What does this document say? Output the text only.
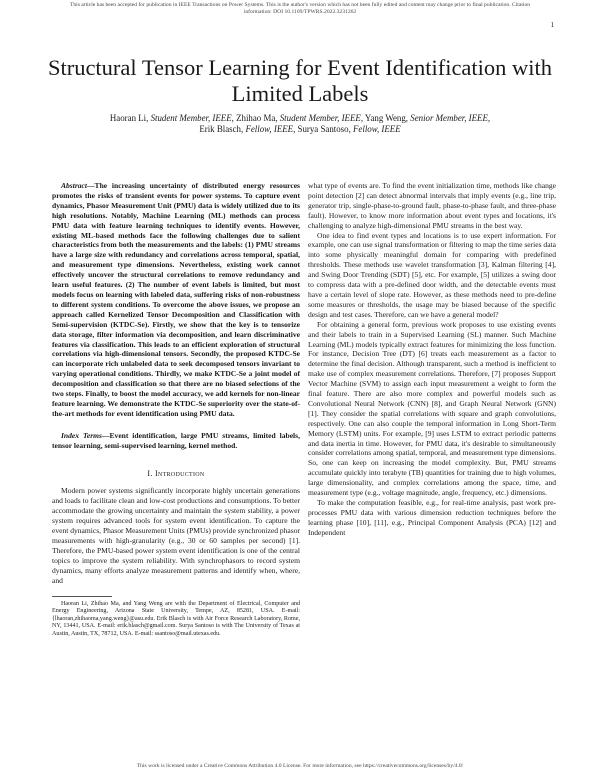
This article has been accepted for publication in IEEE Transactions on Power Systems. This is the author's version which has not been fully edited and content may change prior to final publication. Citation information: DOI 10.1109/TPWRS.2022.3231262
1
Structural Tensor Learning for Event Identification with Limited Labels
Haoran Li, Student Member, IEEE, Zhihao Ma, Student Member, IEEE, Yang Weng, Senior Member, IEEE,
Erik Blasch, Fellow, IEEE, Surya Santoso, Fellow, IEEE

Abstract—The increasing uncertainty of distributed energy resources promotes the risks of transient events for power systems. To capture event dynamics, Phasor Measurement Unit (PMU) data is widely utilized due to its high resolutions. Notably, Machine Learning (ML) methods can process PMU data with feature learning techniques to identify events. However, existing ML-based methods face the following challenges due to salient characteristics from both the measurements and the labels: (1) PMU streams have a large size with redundancy and correlations across temporal, spatial, and measurement type dimensions. Nevertheless, existing work cannot effectively uncover the structural correlations to remove redundancy and learn useful features. (2) The number of event labels is limited, but most models focus on learning with labeled data, suffering risks of non-robustness to different system conditions. To overcome the above issues, we propose an approach called Kernelized Tensor Decomposition and Classification with Semi-supervision (KTDC-Se). Firstly, we show that the key is to tensorize data storage, filter information via decomposition, and learn discriminative features via classification. This leads to an efficient exploration of structural correlations via high-dimensional tensors. Secondly, the proposed KTDC-Se can incorporate rich unlabeled data to seek decomposed tensors invariant to varying operational conditions. Thirdly, we make KTDC-Se a joint model of decomposition and classification so that there are no biased selections of the two steps. Finally, to boost the model accuracy, we add kernels for non-linear feature learning. We demonstrate the KTDC-Se superiority over the state-of-the-art methods for event identification using PMU data.

Index Terms—Event identification, large PMU streams, limited labels, tensor learning, semi-supervised learning, kernel method.

I. Introduction

Modern power systems significantly incorporate highly uncertain generations and loads to facilitate clean and low-cost productions and consumptions. To better accommodate the growing uncertainty and maintain the system stability, a power system requires advanced tools for system event identification. To capture the event dynamics, Phasor Measurement Units (PMUs) provide synchronized phasor measurements with high-granularity (e.g., 30 or 60 samples per second) [1]. Therefore, the PMU-based power system event identification is one of the central topics to improve the system reliability. With synchrophasors to record system dynamics, many efforts analyze measurement patterns and identify when, where, and

Haoran Li, Zhihao Ma, and Yang Weng are with the Department of Electrical, Computer and Energy Engineering, Arizona State University, Tempe, AZ, 85281, USA. E-mail: {lhaoran,zhihaoma,yang.weng}@asu.edu. Erik Blasch is with Air Force Research Laboratory, Rome, NY, 13441, USA. E-mail: erik.blasch@gmail.com. Surya Santoso is with The University of Texas at Austin, Austin, TX, 78712, USA. E-mail: ssantoso@mail.utexas.edu.

what type of events are. To find the event initialization time, methods like change point detection [2] can detect abnormal intervals that imply events (e.g., line trip, generator trip, single-phase-to-ground fault, phase-to-phase fault, and three-phase fault). However, to know more information about event types and locations, it's challenging to analyze high-dimensional PMU streams in the best way.

One idea to find event types and locations is to use expert information. For example, one can use signal transformation or filtering to map the time series data into some physically meaningful domain for comparing with predefined thresholds. These methods use wavelet transformation [3], Kalman filtering [4], and Swing Door Trending (SDT) [5], etc. For example, [5] utilizes a swing door to compress data with a pre-defined door width, and the detectable events must have a certain level of slope rate. However, as these methods need to pre-define some measures or thresholds, the usage may be biased because of the specific design and test cases. Therefore, can we have a general model?

For obtaining a general form, previous work proposes to use existing events and their labels to train in a Supervised Learning (SL) manner. Such Machine Learning (ML) models typically extract features for minimizing the loss function. For instance, Decision Tree (DT) [6] treats each measurement as a factor to determine the final decision. Although transparent, such a method is inefficient to make use of complex measurement correlations. Therefore, [7] proposes Support Vector Machine (SVM) to assign each input measurement a weight to form the final feature. There are also more complex and powerful models such as Convolutional Neural Network (CNN) [8], and Graph Neural Network (GNN) [1]. They consider the spatial correlations with square and graph convolutions, respectively. One can also couple the temporal information in Long Short-Term Memory (LSTM) units. For example, [9] uses LSTM to extract periodic patterns and data inertia in time. However, for PMU data, it's desirable to simultaneously consider correlations among spatial, temporal, and measurement type dimensions. So, one can keep on increasing the model complexity. But, PMU streams accumulate quickly into terabyte (TB) quantities for training due to high volumes, large dimensionality, and complex correlations among the space, time, and measurement type (e.g., voltage magnitude, angle, frequency, etc.) dimensions.

To make the computation feasible, e.g., for real-time analysis, past work pre-processes PMU data with various dimension reduction techniques before the learning phase [10], [11], e.g., Principal Component Analysis (PCA) [12] and Independent

This work is licensed under a Creative Commons Attribution 4.0 License. For more information, see https://creativecommons.org/licenses/by/4.0/
